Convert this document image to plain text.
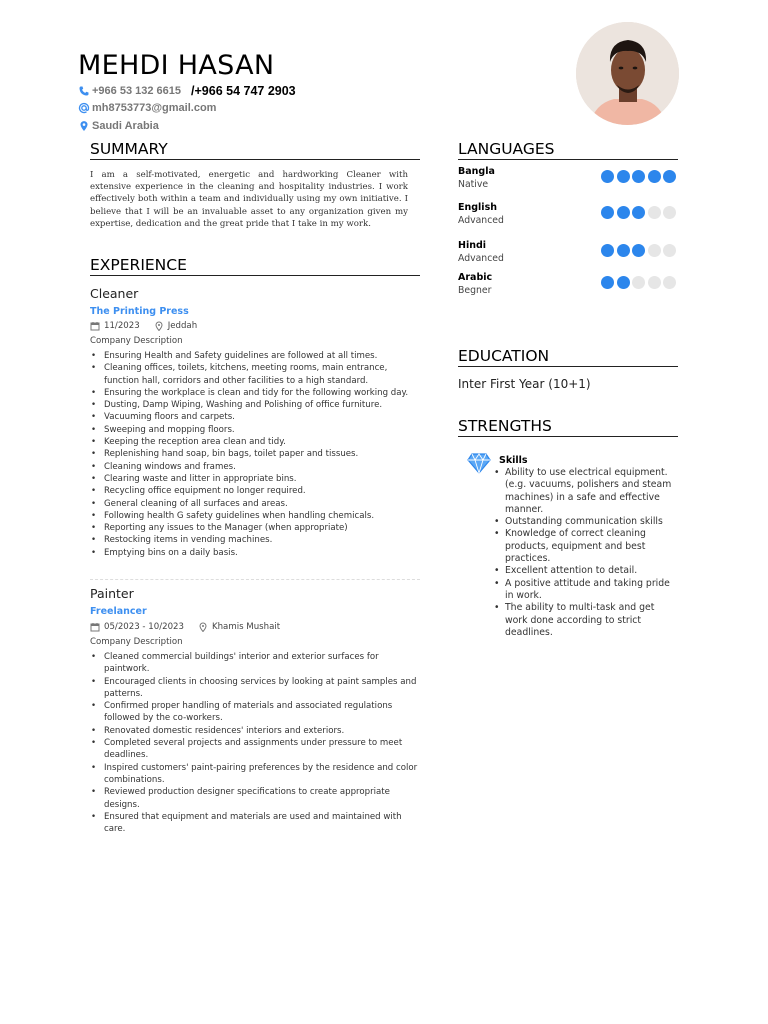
MEHDI HASAN
+966 53 132 6615 /+966 54 747 2903
mh8753773@gmail.com
Saudi Arabia
SUMMARY
I am a self-motivated, energetic and hardworking Cleaner with extensive experience in the cleaning and hospitality industries. I work effectively both within a team and individually using my own initiative. I believe that I will be an invaluable asset to any organization given my expertise, dedication and the great pride that I take in my work.
EXPERIENCE
Cleaner
The Printing Press
11/2023	Jeddah
Company Description
• Ensuring Health and Safety guidelines are followed at all times.
• Cleaning offices, toilets, kitchens, meeting rooms, main entrance, function hall, corridors and other facilities to a high standard.
• Ensuring the workplace is clean and tidy for the following working day.
• Dusting, Damp Wiping, Washing and Polishing of office furniture.
• Vacuuming floors and carpets.
• Sweeping and mopping floors.
• Keeping the reception area clean and tidy.
• Replenishing hand soap, bin bags, toilet paper and tissues.
• Cleaning windows and frames.
• Clearing waste and litter in appropriate bins.
• Recycling office equipment no longer required.
• General cleaning of all surfaces and areas.
• Following health G safety guidelines when handling chemicals.
• Reporting any issues to the Manager (when appropriate)
• Restocking items in vending machines.
• Emptying bins on a daily basis.
Painter
Freelancer
05/2023 - 10/2023	Khamis Mushait
Company Description
• Cleaned commercial buildings' interior and exterior surfaces for paintwork.
• Encouraged clients in choosing services by looking at paint samples and patterns.
• Confirmed proper handling of materials and associated regulations followed by the co-workers.
• Renovated domestic residences' interiors and exteriors.
• Completed several projects and assignments under pressure to meet deadlines.
• Inspired customers' paint-pairing preferences by the residence and color combinations.
• Reviewed production designer specifications to create appropriate designs.
• Ensured that equipment and materials are used and maintained with care.
LANGUAGES
Bangla
Native
English
Advanced
Hindi
Advanced
Arabic
Begner
EDUCATION
Inter First Year (10+1)
STRENGTHS
Skills
• Ability to use electrical equipment. (e.g. vacuums, polishers and steam machines) in a safe and effective manner.
• Outstanding communication skills
• Knowledge of correct cleaning products, equipment and best practices.
• Excellent attention to detail.
• A positive attitude and taking pride in work.
• The ability to multi-task and get work done according to strict deadlines.
